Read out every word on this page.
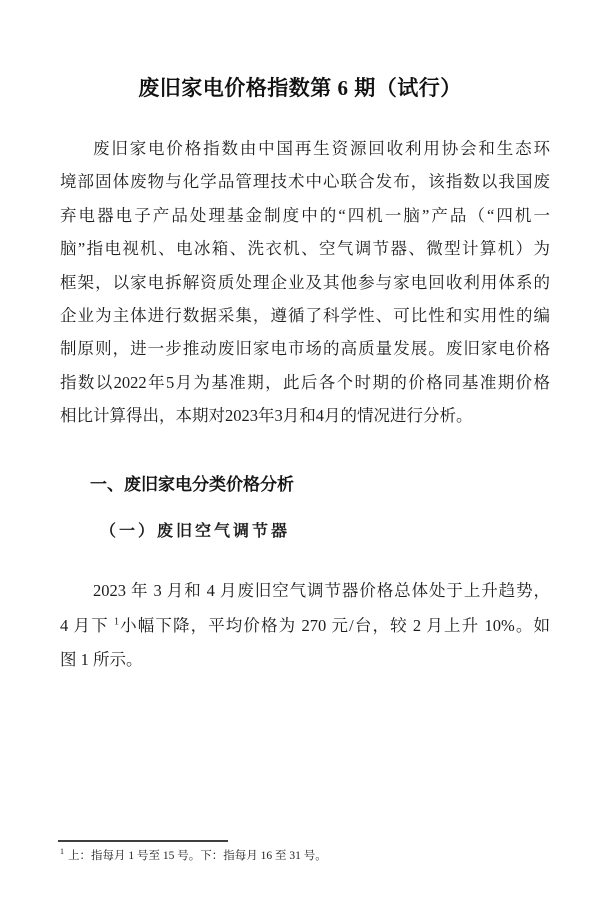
废旧家电价格指数第 6 期（试行）
废旧家电价格指数由中国再生资源回收利用协会和生态环
境部固体废物与化学品管理技术中心联合发布，该指数以我国废
弃电器电子产品处理基金制度中的“四机一脑”产品（“四机一
脑”指电视机、电冰箱、洗衣机、空气调节器、微型计算机）为
框架，以家电拆解资质处理企业及其他参与家电回收利用体系的
企业为主体进行数据采集，遵循了科学性、可比性和实用性的编
制原则，进一步推动废旧家电市场的高质量发展。废旧家电价格
指数以2022年5月为基准期，此后各个时期的价格同基准期价格
相比计算得出，本期对2023年3月和4月的情况进行分析。
一、废旧家电分类价格分析
（一）废旧空气调节器
2023 年 3 月和 4 月废旧空气调节器价格总体处于上升趋势，
4 月下 $^1$小幅下降，平均价格为 270 元/台，较 2 月上升 10%。如
图 1 所示。
$^1$ 上：指每月 1 号至 15 号。下：指每月 16 至 31 号。
